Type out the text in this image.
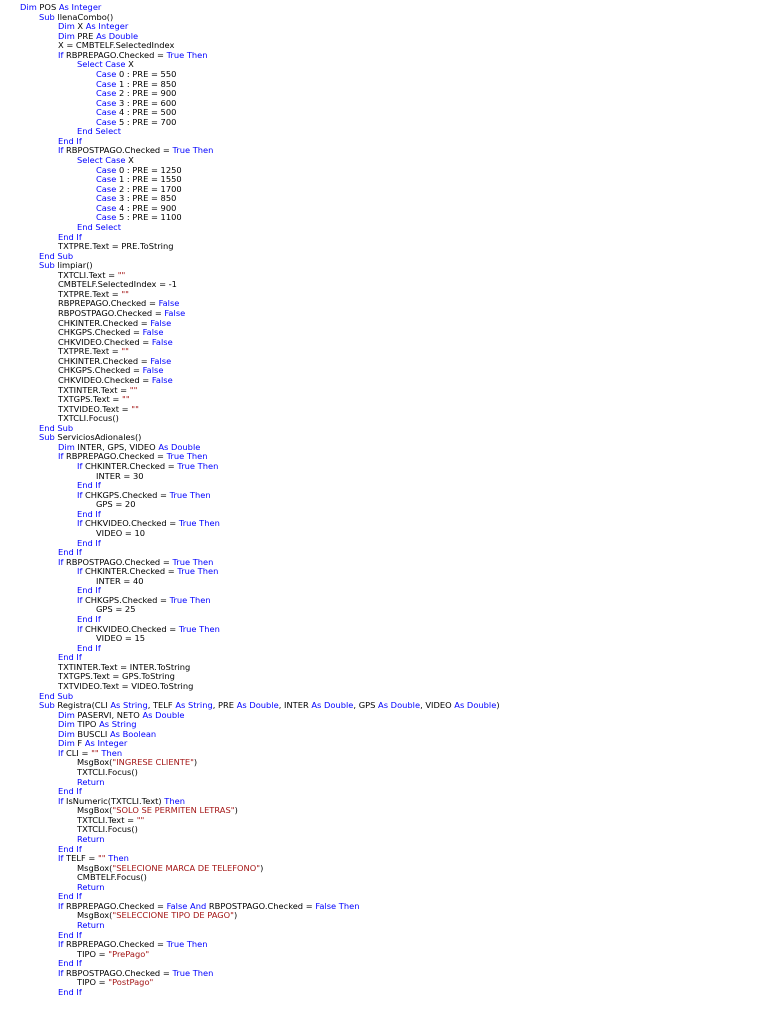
Dim POS As Integer
Sub llenaCombo()
Dim X As Integer
Dim PRE As Double
X = CMBTELF.SelectedIndex
If RBPREPAGO.Checked = True Then
Select Case X
Case 0 : PRE = 550
Case 1 : PRE = 850
Case 2 : PRE = 900
Case 3 : PRE = 600
Case 4 : PRE = 500
Case 5 : PRE = 700
End Select
End If
If RBPOSTPAGO.Checked = True Then
Select Case X
Case 0 : PRE = 1250
Case 1 : PRE = 1550
Case 2 : PRE = 1700
Case 3 : PRE = 850
Case 4 : PRE = 900
Case 5 : PRE = 1100
End Select
End If
TXTPRE.Text = PRE.ToString
End Sub
Sub limpiar()
TXTCLI.Text = ""
CMBTELF.SelectedIndex = -1
TXTPRE.Text = ""
RBPREPAGO.Checked = False
RBPOSTPAGO.Checked = False
CHKINTER.Checked = False
CHKGPS.Checked = False
CHKVIDEO.Checked = False
TXTPRE.Text = ""
CHKINTER.Checked = False
CHKGPS.Checked = False
CHKVIDEO.Checked = False
TXTINTER.Text = ""
TXTGPS.Text = ""
TXTVIDEO.Text = ""
TXTCLI.Focus()
End Sub
Sub ServiciosAdionales()
Dim INTER, GPS, VIDEO As Double
If RBPREPAGO.Checked = True Then
If CHKINTER.Checked = True Then
INTER = 30
End If
If CHKGPS.Checked = True Then
GPS = 20
End If
If CHKVIDEO.Checked = True Then
VIDEO = 10
End If
End If
If RBPOSTPAGO.Checked = True Then
If CHKINTER.Checked = True Then
INTER = 40
End If
If CHKGPS.Checked = True Then
GPS = 25
End If
If CHKVIDEO.Checked = True Then
VIDEO = 15
End If
End If
TXTINTER.Text = INTER.ToString
TXTGPS.Text = GPS.ToString
TXTVIDEO.Text = VIDEO.ToString
End Sub
Sub Registra(CLI As String, TELF As String, PRE As Double, INTER As Double, GPS As Double, VIDEO As Double)
Dim PASERVI, NETO As Double
Dim TIPO As String
Dim BUSCLI As Boolean
Dim F As Integer
If CLI = "" Then
MsgBox("INGRESE CLIENTE")
TXTCLI.Focus()
Return
End If
If IsNumeric(TXTCLI.Text) Then
MsgBox("SOLO SE PERMITEN LETRAS")
TXTCLI.Text = ""
TXTCLI.Focus()
Return
End If
If TELF = "" Then
MsgBox("SELECIONE MARCA DE TELEFONO")
CMBTELF.Focus()
Return
End If
If RBPREPAGO.Checked = False And RBPOSTPAGO.Checked = False Then
MsgBox("SELECCIONE TIPO DE PAGO")
Return
End If
If RBPREPAGO.Checked = True Then
TIPO = "PrePago"
End If
If RBPOSTPAGO.Checked = True Then
TIPO = "PostPago"
End If
